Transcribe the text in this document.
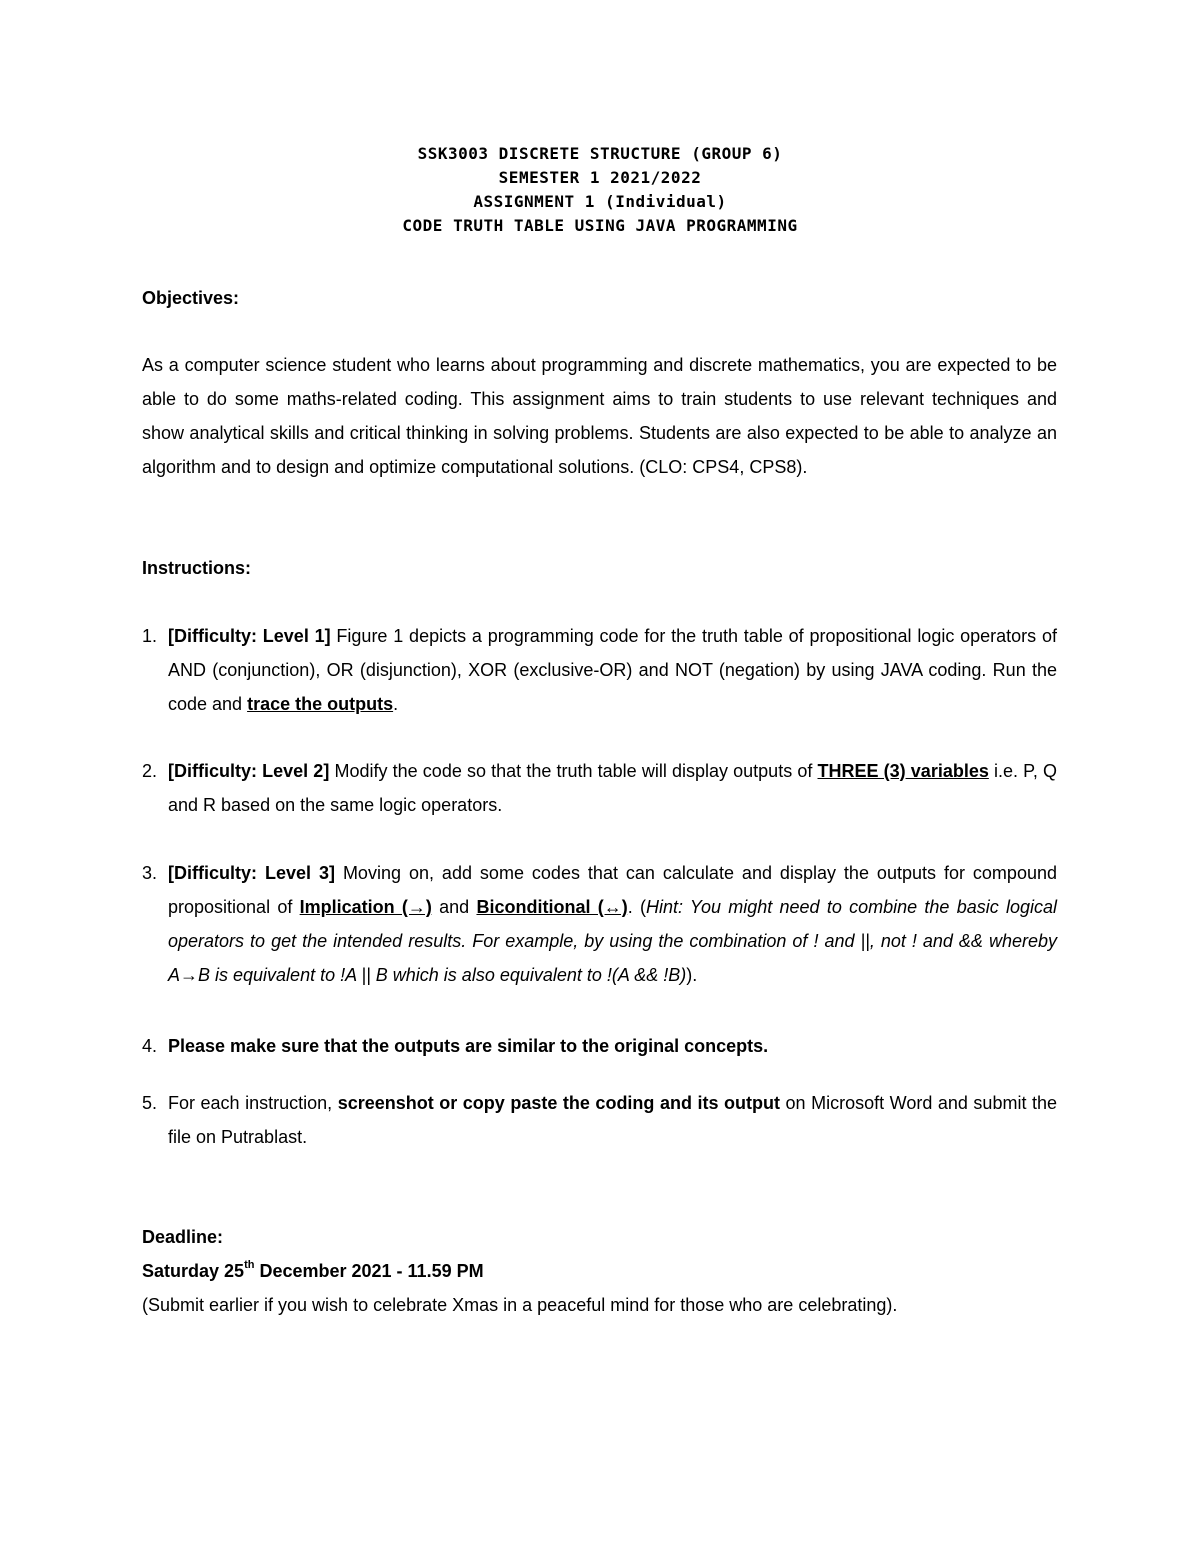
SSK3003 DISCRETE STRUCTURE (GROUP 6)
SEMESTER 1 2021/2022
ASSIGNMENT 1 (Individual)
CODE TRUTH TABLE USING JAVA PROGRAMMING
Objectives:
As a computer science student who learns about programming and discrete mathematics, you are expected to be able to do some maths-related coding. This assignment aims to train students to use relevant techniques and show analytical skills and critical thinking in solving problems. Students are also expected to be able to analyze an algorithm and to design and optimize computational solutions. (CLO: CPS4, CPS8).
Instructions:
1. [Difficulty: Level 1] Figure 1 depicts a programming code for the truth table of propositional logic operators of AND (conjunction), OR (disjunction), XOR (exclusive-OR) and NOT (negation) by using JAVA coding. Run the code and trace the outputs.
2. [Difficulty: Level 2] Modify the code so that the truth table will display outputs of THREE (3) variables i.e. P, Q and R based on the same logic operators.
3. [Difficulty: Level 3] Moving on, add some codes that can calculate and display the outputs for compound propositional of Implication (→) and Biconditional (↔). (Hint: You might need to combine the basic logical operators to get the intended results. For example, by using the combination of ! and ||, not ! and && whereby A→B is equivalent to !A || B which is also equivalent to !(A && !B)).
4. Please make sure that the outputs are similar to the original concepts.
5. For each instruction, screenshot or copy paste the coding and its output on Microsoft Word and submit the file on Putrablast.
Deadline:
Saturday 25th December 2021 - 11.59 PM
(Submit earlier if you wish to celebrate Xmas in a peaceful mind for those who are celebrating).
